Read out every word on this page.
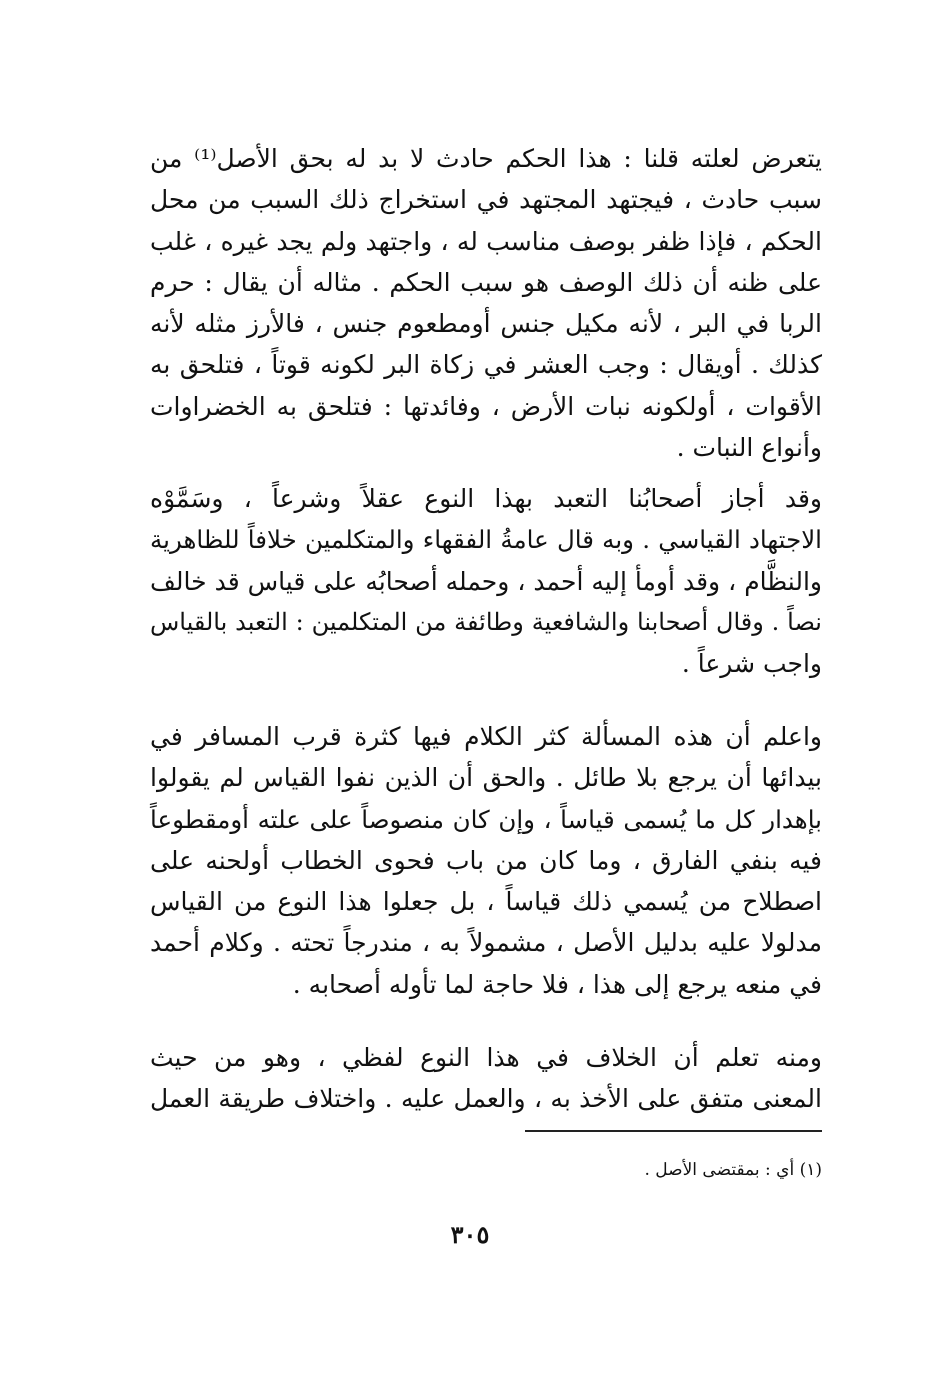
يتعرض لعلته قلنا : هذا الحكم حادث لا بد له بحق الأصل⁽¹⁾ من
سبب حادث ، فيجتهد المجتهد في استخراج ذلك السبب من محل
الحكم ، فإذا ظفر بوصف مناسب له ، واجتهد ولم يجد غيره ، غلب
على ظنه أن ذلك الوصف هو سبب الحكم . مثاله أن يقال : حرم
الربا في البر ، لأنه مكيل جنس أومطعوم جنس ، فالأرز مثله لأنه
كذلك . أويقال : وجب العشر في زكاة البر لكونه قوتاً ، فتلحق به
الأقوات ، أولكونه نبات الأرض ، وفائدتها : فتلحق به الخضراوات
وأنواع النبات .
وقد أجاز أصحابُنا التعبد بهذا النوع عقلاً وشرعاً ، وسَمَّوْه
الاجتهاد القياسي . وبه قال عامةُ الفقهاء والمتكلمين خلافاً للظاهرية
والنظَّام ، وقد أومأ إليه أحمد ، وحمله أصحابُه على قياس قد خالف
نصاً . وقال أصحابنا والشافعية وطائفة من المتكلمين : التعبد بالقياس
واجب شرعاً .
واعلم أن هذه المسألة كثر الكلام فيها كثرة قرب المسافر في
بيدائها أن يرجع بلا طائل . والحق أن الذين نفوا القياس لم يقولوا
بإهدار كل ما يُسمى قياساً ، وإن كان منصوصاً على علته أومقطوعاً
فيه بنفي الفارق ، وما كان من باب فحوى الخطاب أولحنه على
اصطلاح من يُسمي ذلك قياساً ، بل جعلوا هذا النوع من القياس
مدلولا عليه بدليل الأصل ، مشمولاً به ، مندرجاً تحته . وكلام أحمد
في منعه يرجع إلى هذا ، فلا حاجة لما تأوله أصحابه .
ومنه تعلم أن الخلاف في هذا النوع لفظي ، وهو من حيث
المعنى متفق على الأخذ به ، والعمل عليه . واختلاف طريقة العمل
(١) أي : بمقتضى الأصل .
٣٠٥
